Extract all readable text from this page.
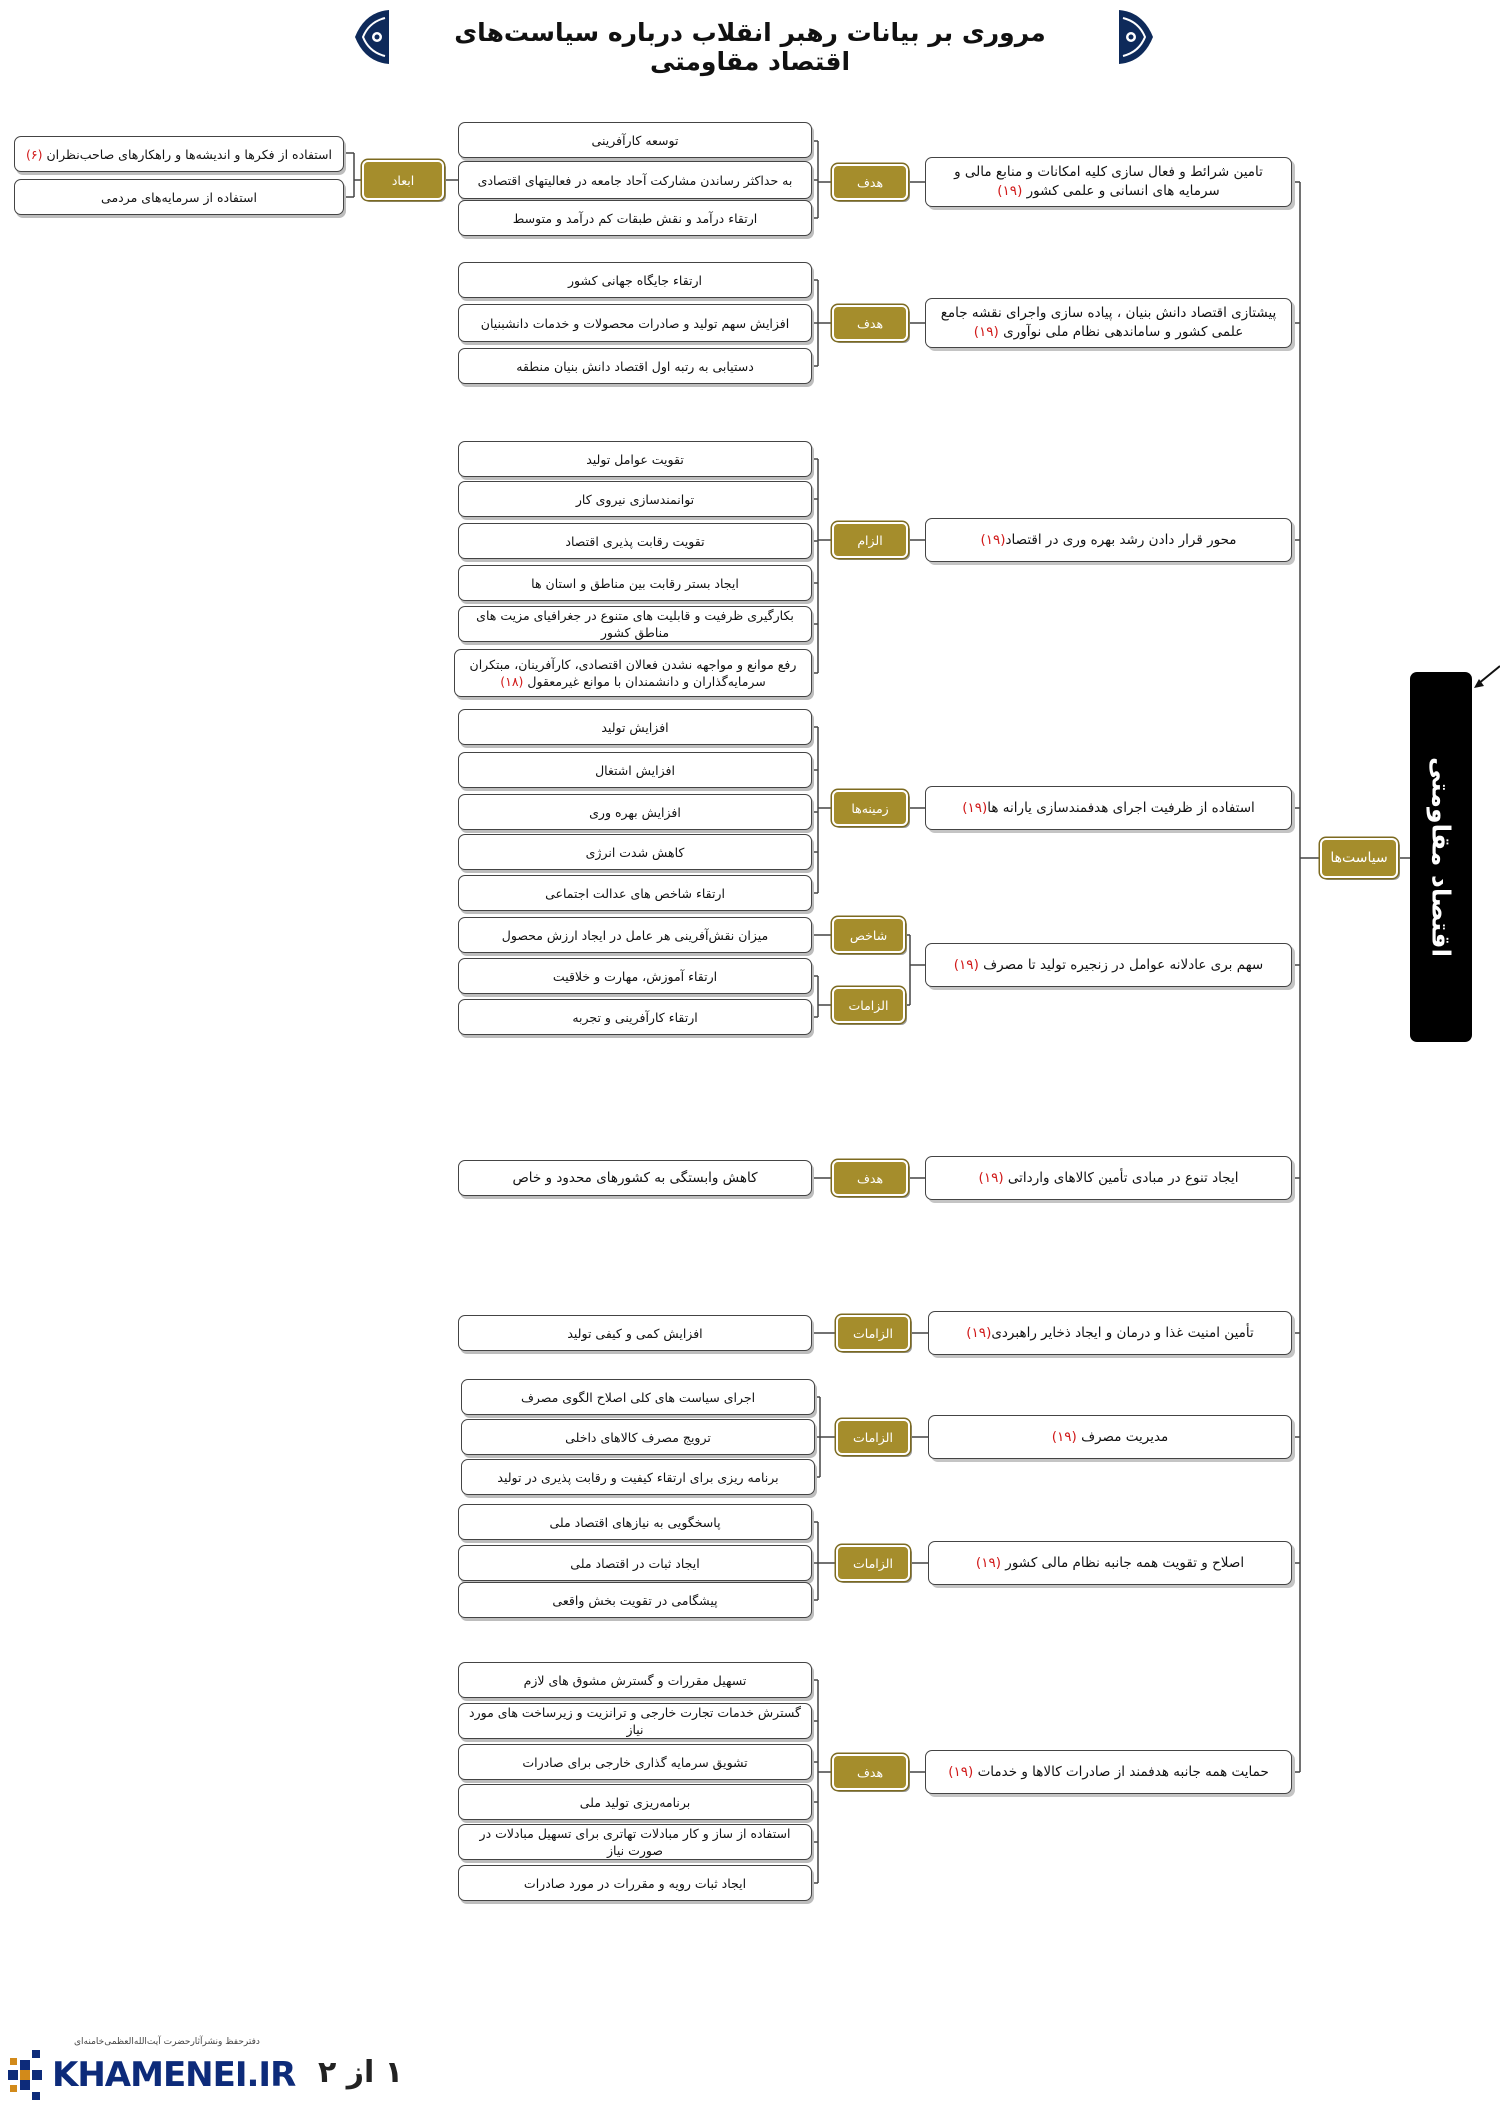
مروری بر بیانات رهبر انقلاب درباره سیاست‌های اقتصاد مقاومتی
اقتصاد مقاومتی
سیاست‌ها
تامین شرائط و فعال سازی کلیه امکانات و منابع مالی و سرمایه های انسانی و علمی کشور (۱۹)
پیشتازی اقتصاد دانش بنیان ، پیاده سازی واجرای نقشه جامع علمی کشور و ساماندهی نظام ملی نوآوری (۱۹)
محور قرار دادن رشد بهره وری در اقتصاد(۱۹)
استفاده از ظرفیت اجرای هدفمندسازی یارانه ها(۱۹)
سهم بری عادلانه عوامل در زنجیره تولید تا مصرف (۱۹)
ایجاد تنوع در مبادی تأمین کالاهای وارداتی (۱۹)
تأمین امنیت غذا و درمان و ایجاد ذخایر راهبردی(۱۹)
مدیریت مصرف (۱۹)
اصلاح و تقویت همه جانبه نظام مالی کشور (۱۹)
حمایت همه جانبه هدفمند از صادرات کالاها و خدمات (۱۹)
هدف
هدف
الزام
زمینه‌ها
شاخص
الزامات
هدف
الزامات
الزامات
الزامات
هدف
ابعاد
توسعه کارآفرینی
به حداکثر رساندن مشارکت آحاد جامعه در فعالیتهای اقتصادی
ارتقاء درآمد و نقش طبقات کم درآمد و متوسط
استفاده از فکرها و اندیشه‌ها و راهکارهای صاحب‌نظران (۶)
استفاده از سرمایه‌های مردمی
ارتقاء جایگاه جهانی کشور
افزایش سهم تولید و صادرات محصولات و خدمات دانشبنیان
دستیابی به رتبه اول اقتصاد دانش بنیان منطقه
تقویت عوامل تولید
توانمندسازی نیروی کار
تقویت رقابت پذیری اقتصاد
ایجاد بستر رقابت بین مناطق و استان ها
بکارگیری ظرفیت و قابلیت های متنوع در جغرافیای مزیت های مناطق کشور
رفع موانع و مواجهه نشدن فعالان اقتصادی، کارآفرینان، مبتکران سرمایه‌گذاران و دانشمندان با موانع غیرمعقول (۱۸)
افزایش تولید
افزایش اشتغال
افزایش بهره وری
کاهش شدت انرژی
ارتقاء شاخص های عدالت اجتماعی
میزان نقش‌آفرینی هر عامل در ایجاد ارزش محصول
ارتقاء آموزش، مهارت و خلاقیت
ارتقاء کارآفرینی و تجربه
کاهش وابستگی به کشورهای محدود و خاص
افزایش کمی و کیفی تولید
اجرای سیاست های کلی اصلاح الگوی مصرف
ترویج مصرف کالاهای داخلی
برنامه ریزی برای ارتقاء کیفیت و رقابت پذیری در تولید
پاسخگویی به نیازهای اقتصاد ملی
ایجاد ثبات در اقتصاد ملی
پیشگامی در تقویت بخش واقعی
تسهیل مقررات و گسترش مشوق های لازم
گسترش خدمات تجارت خارجی و ترانزیت و زیرساخت های مورد نیاز
تشویق سرمایه گذاری خارجی برای صادرات
برنامه‌ریزی تولید ملی
استفاده از ساز و کار مبادلات تهاتری برای تسهیل مبادلات در صورت نیاز
ایجاد ثبات رویه و مقررات در مورد صادرات
دفترحفظ ونشرآثارحضرت آیت‌الله‌العظمی‌خامنه‌ای
KHAMENEI.IR ۱ از ۲
